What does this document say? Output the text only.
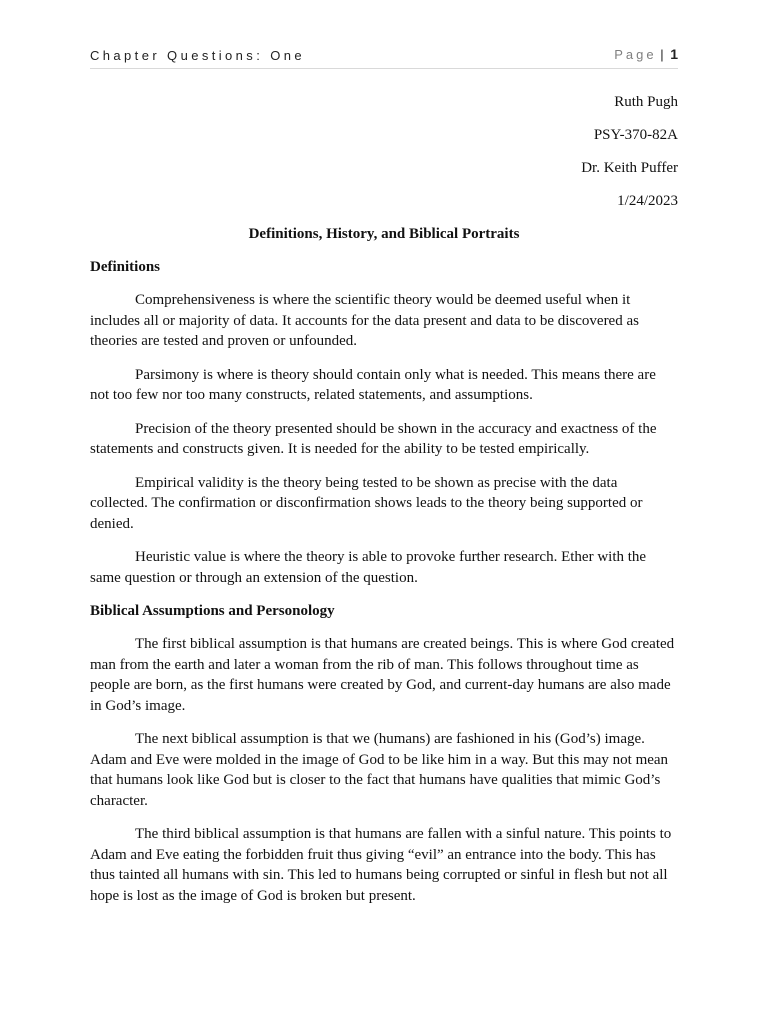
Chapter Questions: One	Page | 1

Ruth Pugh

PSY-370-82A

Dr. Keith Puffer

1/24/2023

Definitions, History, and Biblical Portraits

Definitions

Comprehensiveness is where the scientific theory would be deemed useful when it includes all or majority of data. It accounts for the data present and data to be discovered as theories are tested and proven or unfounded.

Parsimony is where is theory should contain only what is needed. This means there are not too few nor too many constructs, related statements, and assumptions.

Precision of the theory presented should be shown in the accuracy and exactness of the statements and constructs given. It is needed for the ability to be tested empirically.

Empirical validity is the theory being tested to be shown as precise with the data collected. The confirmation or disconfirmation shows leads to the theory being supported or denied.

Heuristic value is where the theory is able to provoke further research. Ether with the same question or through an extension of the question.

Biblical Assumptions and Personology

The first biblical assumption is that humans are created beings. This is where God created man from the earth and later a woman from the rib of man. This follows throughout time as people are born, as the first humans were created by God, and current-day humans are also made in God’s image.

The next biblical assumption is that we (humans) are fashioned in his (God’s) image. Adam and Eve were molded in the image of God to be like him in a way. But this may not mean that humans look like God but is closer to the fact that humans have qualities that mimic God’s character.

The third biblical assumption is that humans are fallen with a sinful nature. This points to Adam and Eve eating the forbidden fruit thus giving “evil” an entrance into the body. This has thus tainted all humans with sin. This led to humans being corrupted or sinful in flesh but not all hope is lost as the image of God is broken but present.
